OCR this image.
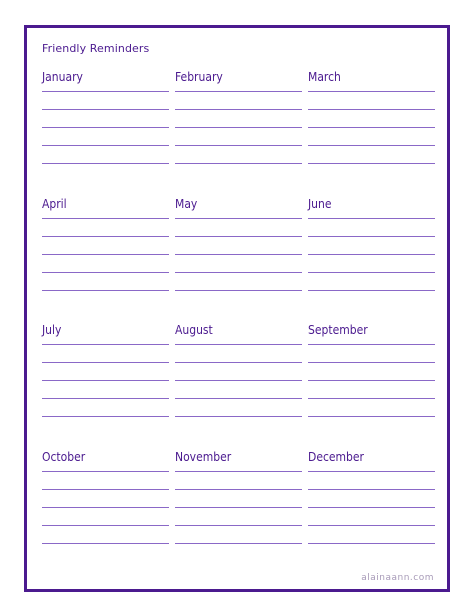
Friendly Reminders
January	February	March
April	May	June
July	August	September
October	November	December
alainaann.com
